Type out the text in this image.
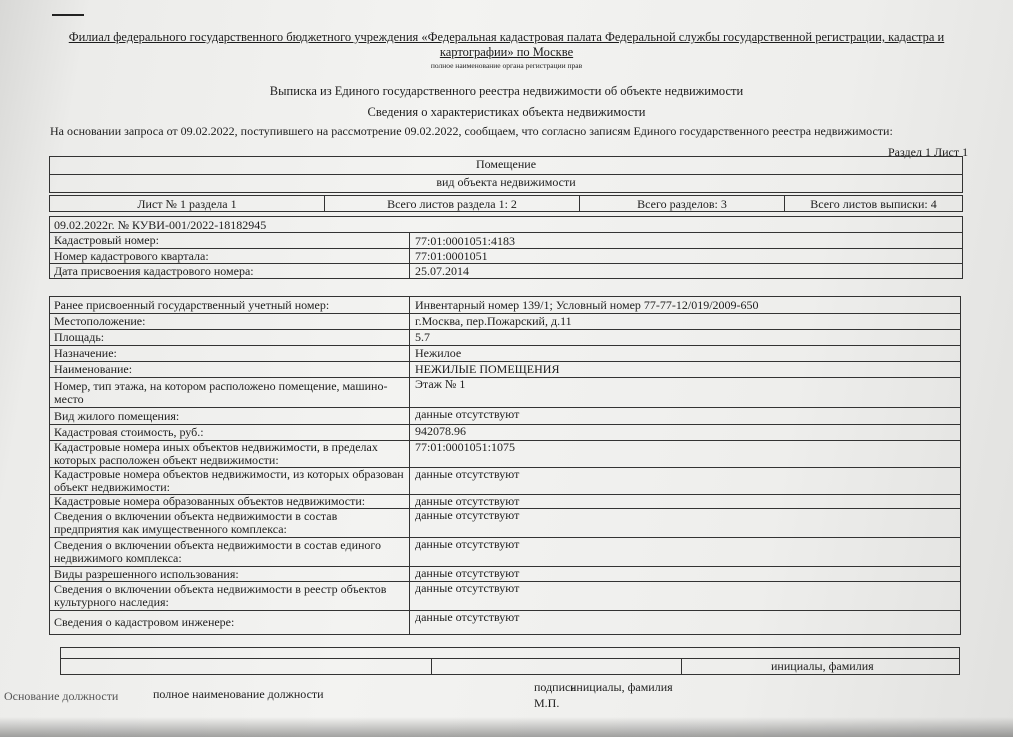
Филиал федерального государственного бюджетного учреждения «Федеральная кадастровая палата Федеральной службы государственной регистрации, кадастра и
картографии» по Москве
полное наименование органа регистрации прав
Выписка из Единого государственного реестра недвижимости об объекте недвижимости
Сведения о характеристиках объекта недвижимости
На основании запроса от 09.02.2022, поступившего на рассмотрение 09.02.2022, сообщаем, что согласно записям Единого государственного реестра недвижимости:
Раздел 1 Лист 1
Помещение
вид объекта недвижимости
Лист № 1 раздела 1	Всего листов раздела 1: 2	Всего разделов: 3	Всего листов выписки: 4
09.02.2022г. № КУВИ-001/2022-18182945
Кадастровый номер:	77:01:0001051:4183
Номер кадастрового квартала:	77:01:0001051
Дата присвоения кадастрового номера:	25.07.2014
Ранее присвоенный государственный учетный номер:	Инвентарный номер 139/1; Условный номер 77-77-12/019/2009-650
Местоположение:	г.Москва, пер.Пожарский, д.11
Площадь:	5.7
Назначение:	Нежилое
Наименование:	НЕЖИЛЫЕ ПОМЕЩЕНИЯ
Номер, тип этажа, на котором расположено помещение, машино-место
Этаж № 1
Вид жилого помещения:	данные отсутствуют
Кадастровая стоимость, руб.:	942078.96
Кадастровые номера иных объектов недвижимости, в пределах которых расположен объект недвижимости:
77:01:0001051:1075
Кадастровые номера объектов недвижимости, из которых образован объект недвижимости:
данные отсутствуют
Кадастровые номера образованных объектов недвижимости:	данные отсутствуют
Сведения о включении объекта недвижимости в состав предприятия как имущественного комплекса:
данные отсутствуют
Сведения о включении объекта недвижимости в состав единого недвижимого комплекса:
данные отсутствуют
Виды разрешенного использования:	данные отсутствуют
Сведения о включении объекта недвижимости в реестр объектов культурного наследия:
данные отсутствуют
Сведения о кадастровом инженере:	данные отсутствуют
инициалы, фамилия
Основание должности	полное наименование должности	подпись
инициалы, фамилия
М.П.
